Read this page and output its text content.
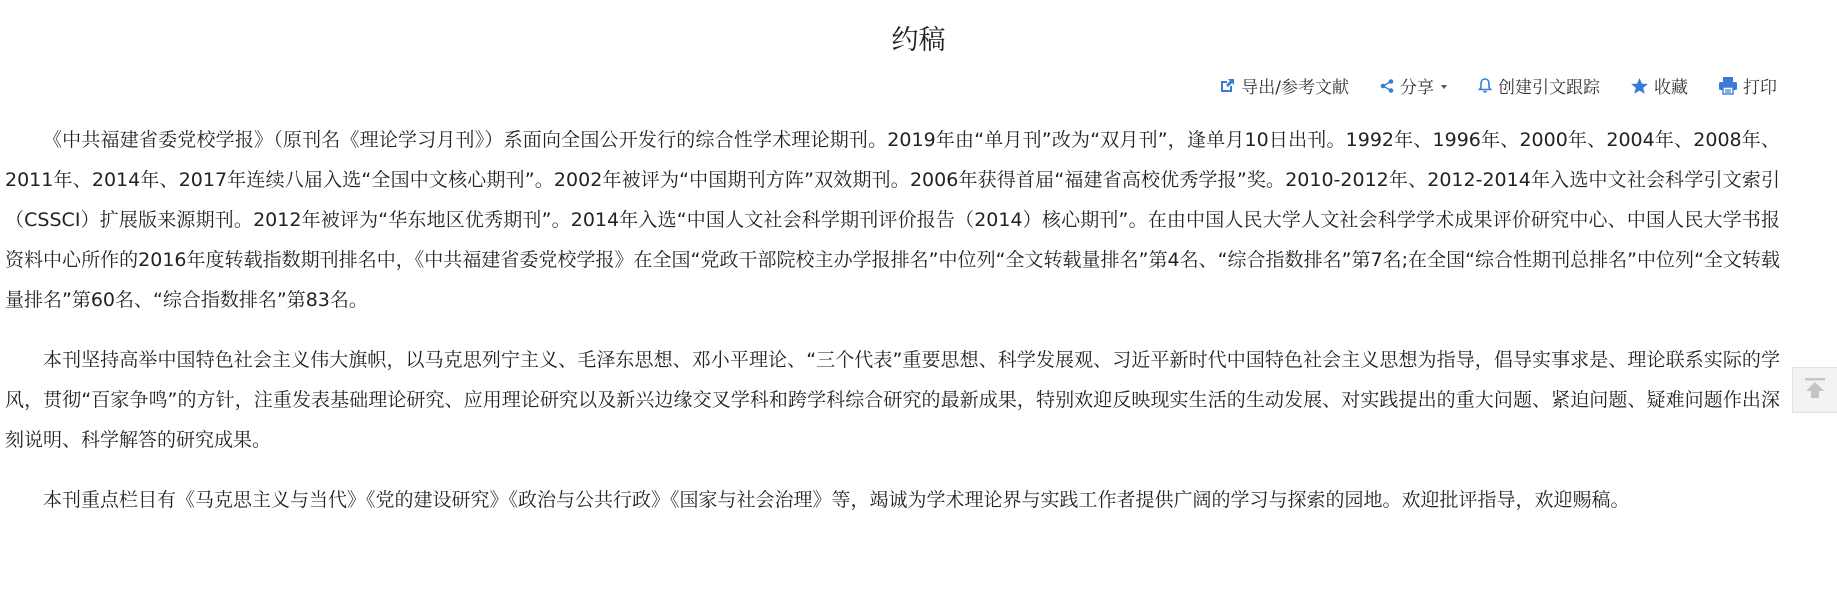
约稿
导出/参考文献	分享	创建引文跟踪	收藏	打印

《中共福建省委党校学报》（原刊名《理论学习月刊》）系面向全国公开发行的综合性学术理论期刊。2019年由“单月刊”改为“双月刊”，逢单月10日出刊。1992年、1996年、2000年、2004年、2008年、2011年、2014年、2017年连续八届入选“全国中文核心期刊”。2002年被评为“中国期刊方阵”双效期刊。2006年获得首届“福建省高校优秀学报”奖。2010-2012年、2012-2014年入选中文社会科学引文索引（CSSCI）扩展版来源期刊。2012年被评为“华东地区优秀期刊”。2014年入选“中国人文社会科学期刊评价报告（2014）核心期刊”。在由中国人民大学人文社会科学学术成果评价研究中心、中国人民大学书报资料中心所作的2016年度转载指数期刊排名中，《中共福建省委党校学报》在全国“党政干部院校主办学报排名”中位列“全文转载量排名”第4名、“综合指数排名”第7名;在全国“综合性期刊总排名”中位列“全文转载量排名”第60名、“综合指数排名”第83名。

本刊坚持高举中国特色社会主义伟大旗帜，以马克思列宁主义、毛泽东思想、邓小平理论、“三个代表”重要思想、科学发展观、习近平新时代中国特色社会主义思想为指导，倡导实事求是、理论联系实际的学风，贯彻“百家争鸣”的方针，注重发表基础理论研究、应用理论研究以及新兴边缘交叉学科和跨学科综合研究的最新成果，特别欢迎反映现实生活的生动发展、对实践提出的重大问题、紧迫问题、疑难问题作出深刻说明、科学解答的研究成果。

本刊重点栏目有《马克思主义与当代》《党的建设研究》《政治与公共行政》《国家与社会治理》等，竭诚为学术理论界与实践工作者提供广阔的学习与探索的园地。欢迎批评指导，欢迎赐稿。
